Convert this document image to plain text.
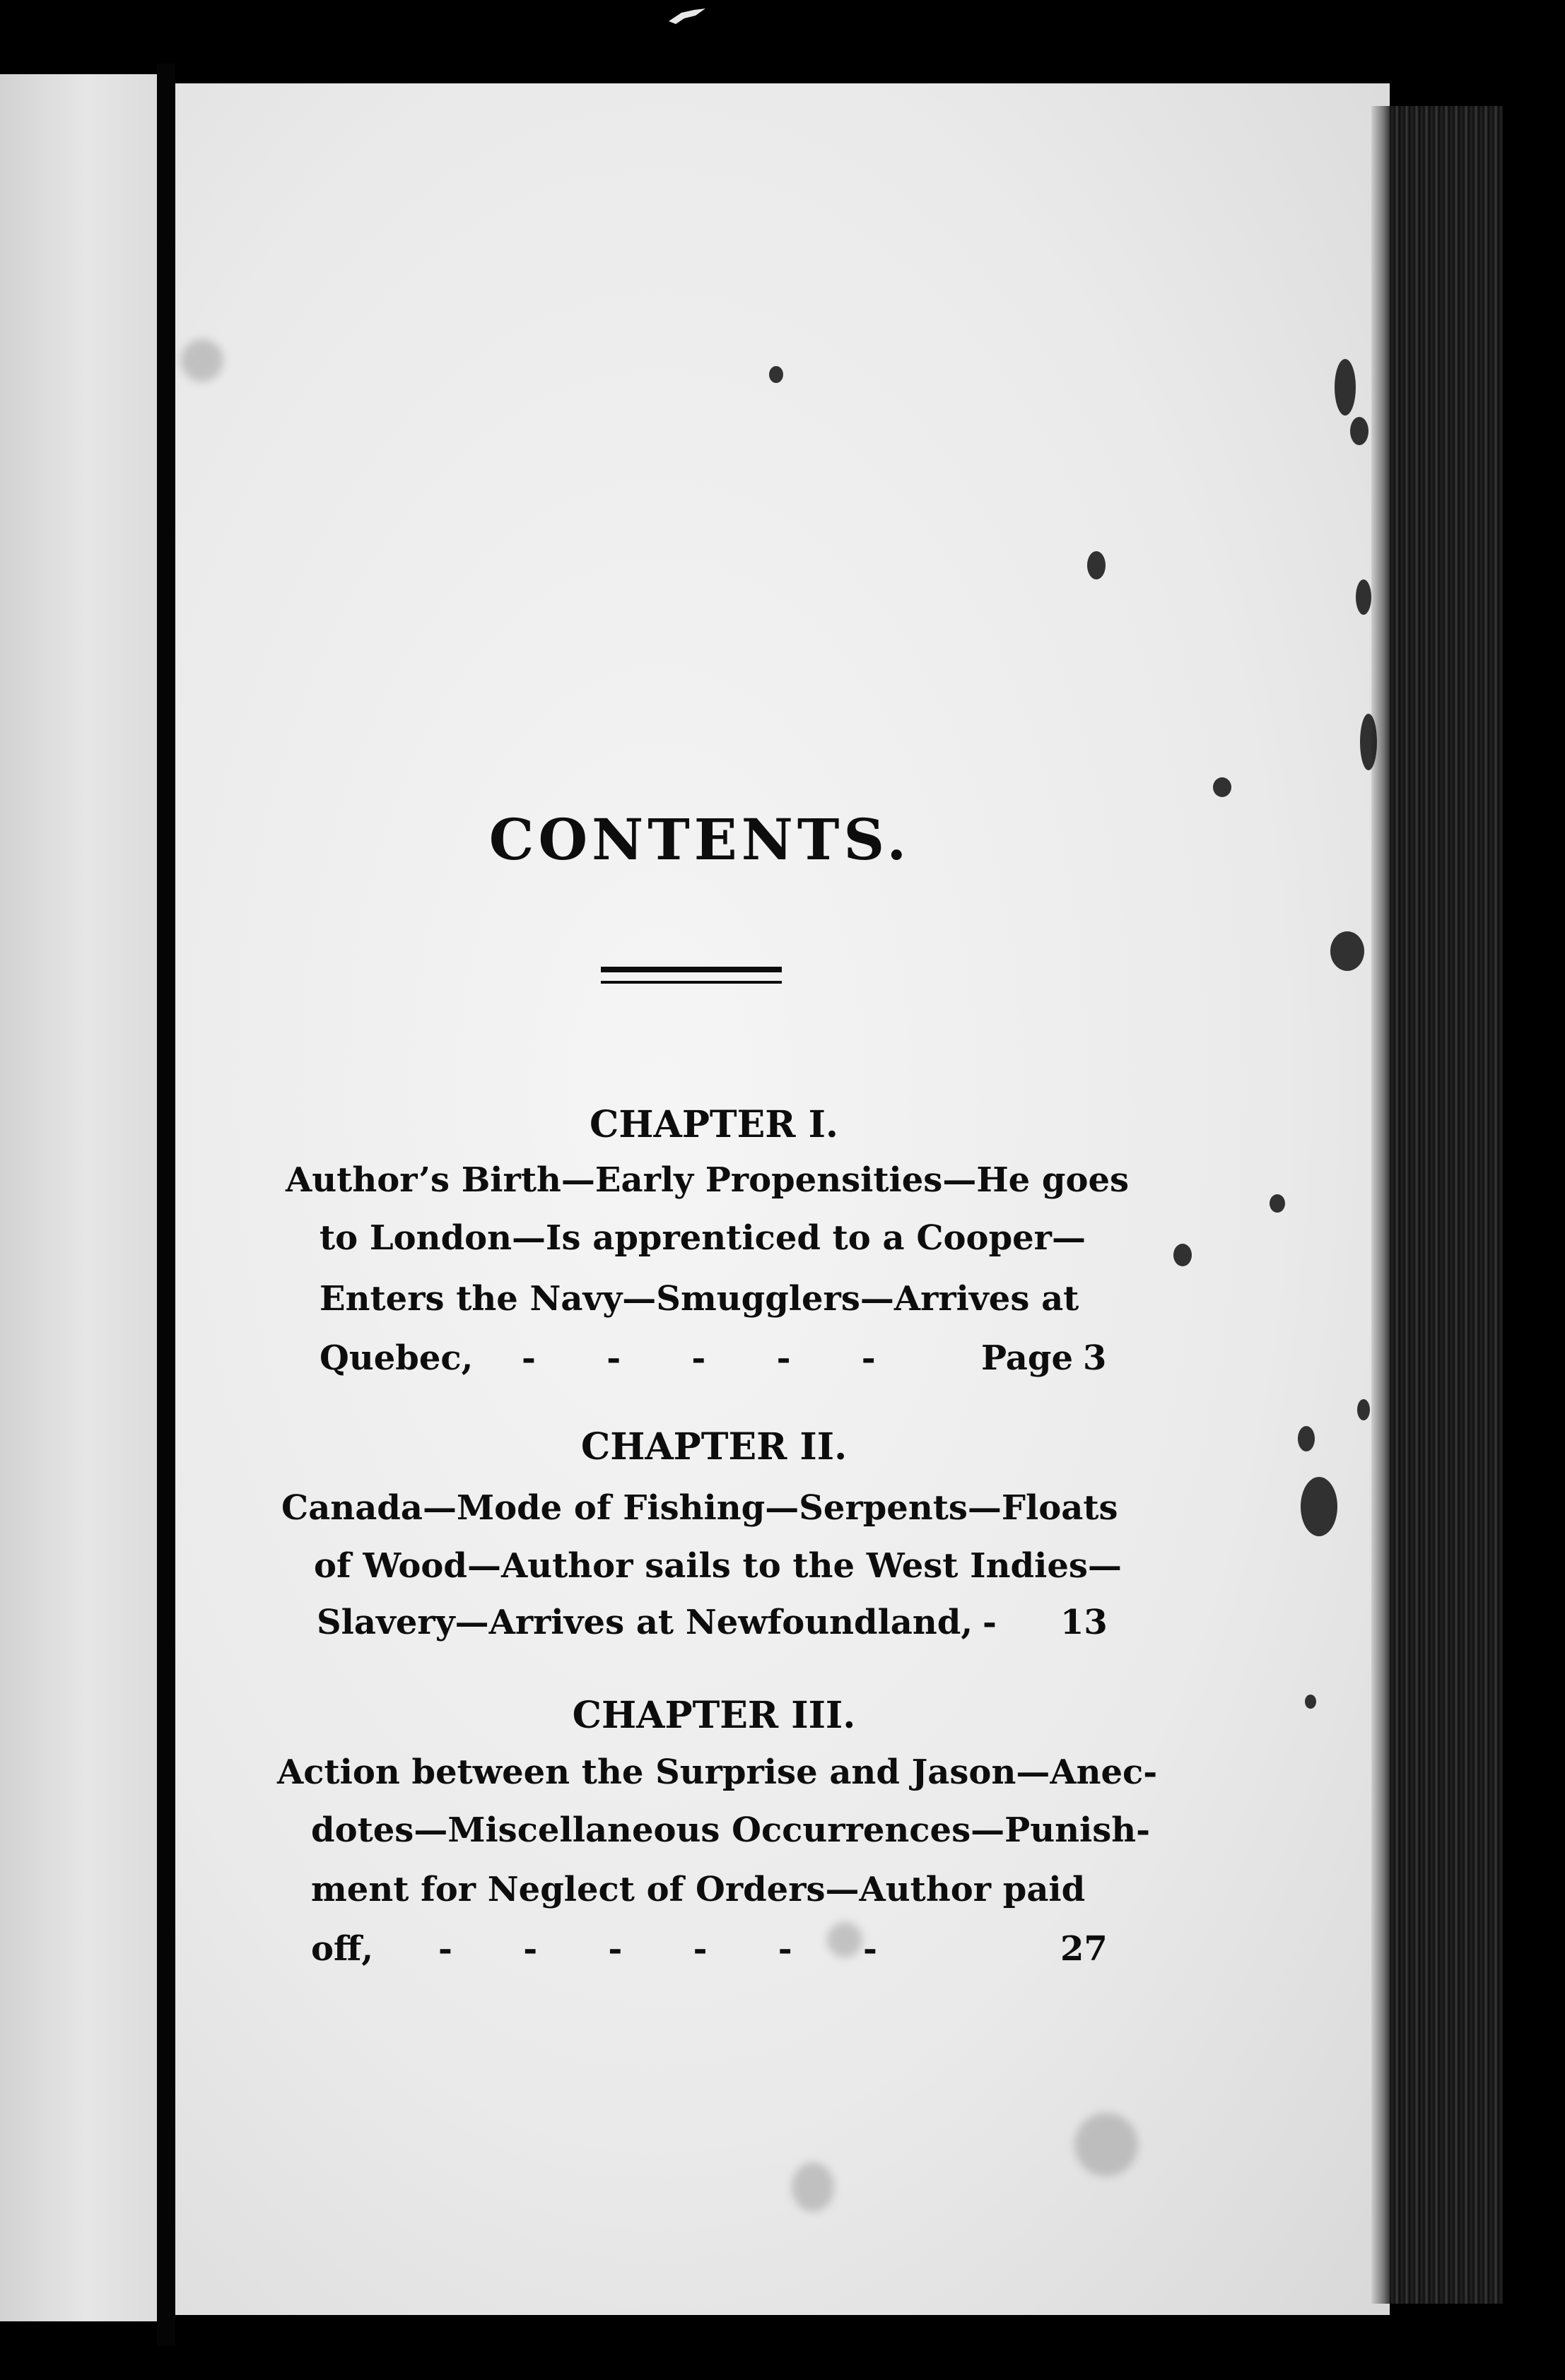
CONTENTS.
CHAPTER I.
Author’s Birth—Early Propensities—He goes
to London—Is apprenticed to a Cooper—
Enters the Navy—Smugglers—Arrives at
Quebec, -      -      -      -      -	Page 3
CHAPTER II.
Canada—Mode of Fishing—Serpents—Floats
of Wood—Author sails to the West Indies—
Slavery—Arrives at Newfoundland, - 13
CHAPTER III.
Action between the Surprise and Jason—Anec-
dotes—Miscellaneous Occurrences—Punish-
ment for Neglect of Orders—Author paid
off, -      -      -      -      -      -	27
